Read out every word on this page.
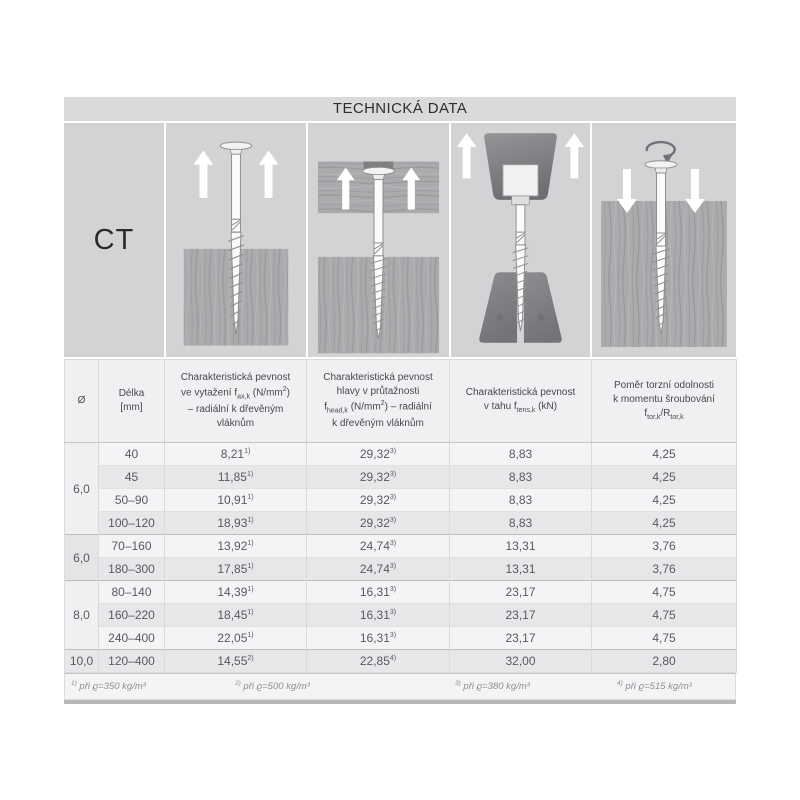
TECHNICKÁ DATA
CT
Ø	Délka
[mm]	Charakteristická pevnost
ve vytažení $f_{ax,k}$ $(N/mm^2)$
– radiální k dřevěným
vláknům	Charakteristická pevnost
hlavy v průtažnosti
$f_{head,k}$ $(N/mm^2)$ – radiální
k dřevěným vláknům	Charakteristická pevnost
v tahu $f_{tens,k}$ (kN)	Poměr torzní odolnosti
k momentu šroubování
$f_{tor,k}/R_{tor,k}$
6,0	40	8,21$^{1)}$	29,32$^{3)}$	8,83	4,25
	45	11,85$^{1)}$	29,32$^{3)}$	8,83	4,25
	50–90	10,91$^{1)}$	29,32$^{3)}$	8,83	4,25
	100–120	18,93$^{1)}$	29,32$^{3)}$	8,83	4,25
6,0	70–160	13,92$^{1)}$	24,74$^{3)}$	13,31	3,76
	180–300	17,85$^{1)}$	24,74$^{3)}$	13,31	3,76
8,0	80–140	14,39$^{1)}$	16,31$^{3)}$	23,17	4,75
	160–220	18,45$^{1)}$	16,31$^{3)}$	23,17	4,75
	240–400	22,05$^{1)}$	16,31$^{3)}$	23,17	4,75
10,0	120–400	14,55$^{2)}$	22,85$^{4)}$	32,00	2,80
$^{1)}$ při ϱ=350 kg/m³	$^{2)}$ při ϱ=500 kg/m³	$^{3)}$ při ϱ=380 kg/m³	$^{4)}$ při ϱ=515 kg/m³
